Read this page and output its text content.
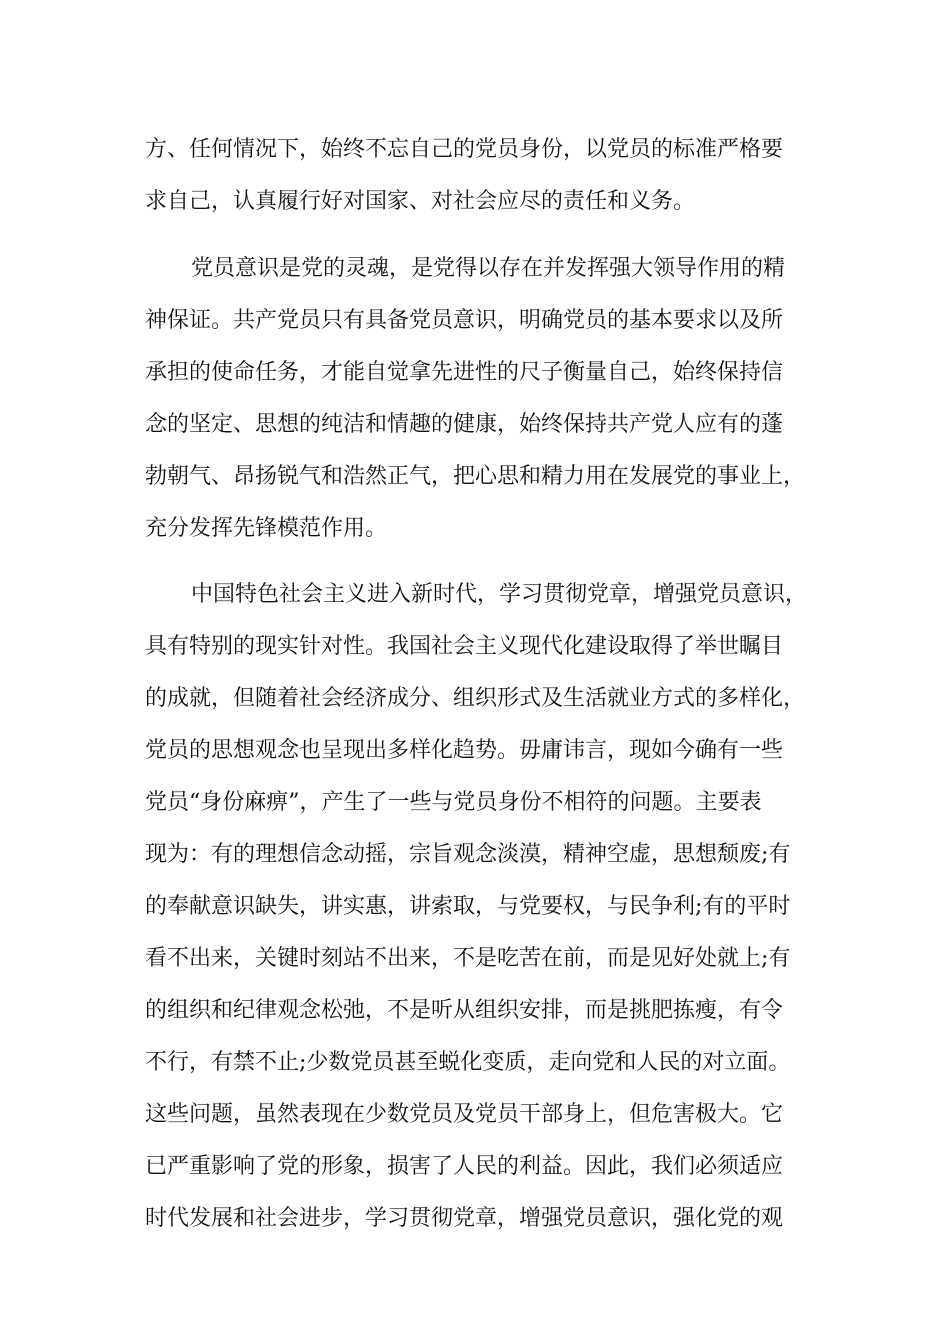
方、任何情况下，始终不忘自己的党员身份，以党员的标准严格要
求自己，认真履行好对国家、对社会应尽的责任和义务。
党员意识是党的灵魂，是党得以存在并发挥强大领导作用的精
神保证。共产党员只有具备党员意识，明确党员的基本要求以及所
承担的使命任务，才能自觉拿先进性的尺子衡量自己，始终保持信
念的坚定、思想的纯洁和情趣的健康，始终保持共产党人应有的蓬
勃朝气、昂扬锐气和浩然正气，把心思和精力用在发展党的事业上，
充分发挥先锋模范作用。
中国特色社会主义进入新时代，学习贯彻党章，增强党员意识，
具有特别的现实针对性。我国社会主义现代化建设取得了举世瞩目
的成就，但随着社会经济成分、组织形式及生活就业方式的多样化，
党员的思想观念也呈现出多样化趋势。毋庸讳言，现如今确有一些
党员“身份麻痹”，产生了一些与党员身份不相符的问题。主要表
现为：有的理想信念动摇，宗旨观念淡漠，精神空虚，思想颓废;有
的奉献意识缺失，讲实惠，讲索取，与党要权，与民争利;有的平时
看不出来，关键时刻站不出来，不是吃苦在前，而是见好处就上;有
的组织和纪律观念松弛，不是听从组织安排，而是挑肥拣瘦，有令
不行，有禁不止;少数党员甚至蜕化变质，走向党和人民的对立面。
这些问题，虽然表现在少数党员及党员干部身上，但危害极大。它
已严重影响了党的形象，损害了人民的利益。因此，我们必须适应
时代发展和社会进步，学习贯彻党章，增强党员意识，强化党的观
